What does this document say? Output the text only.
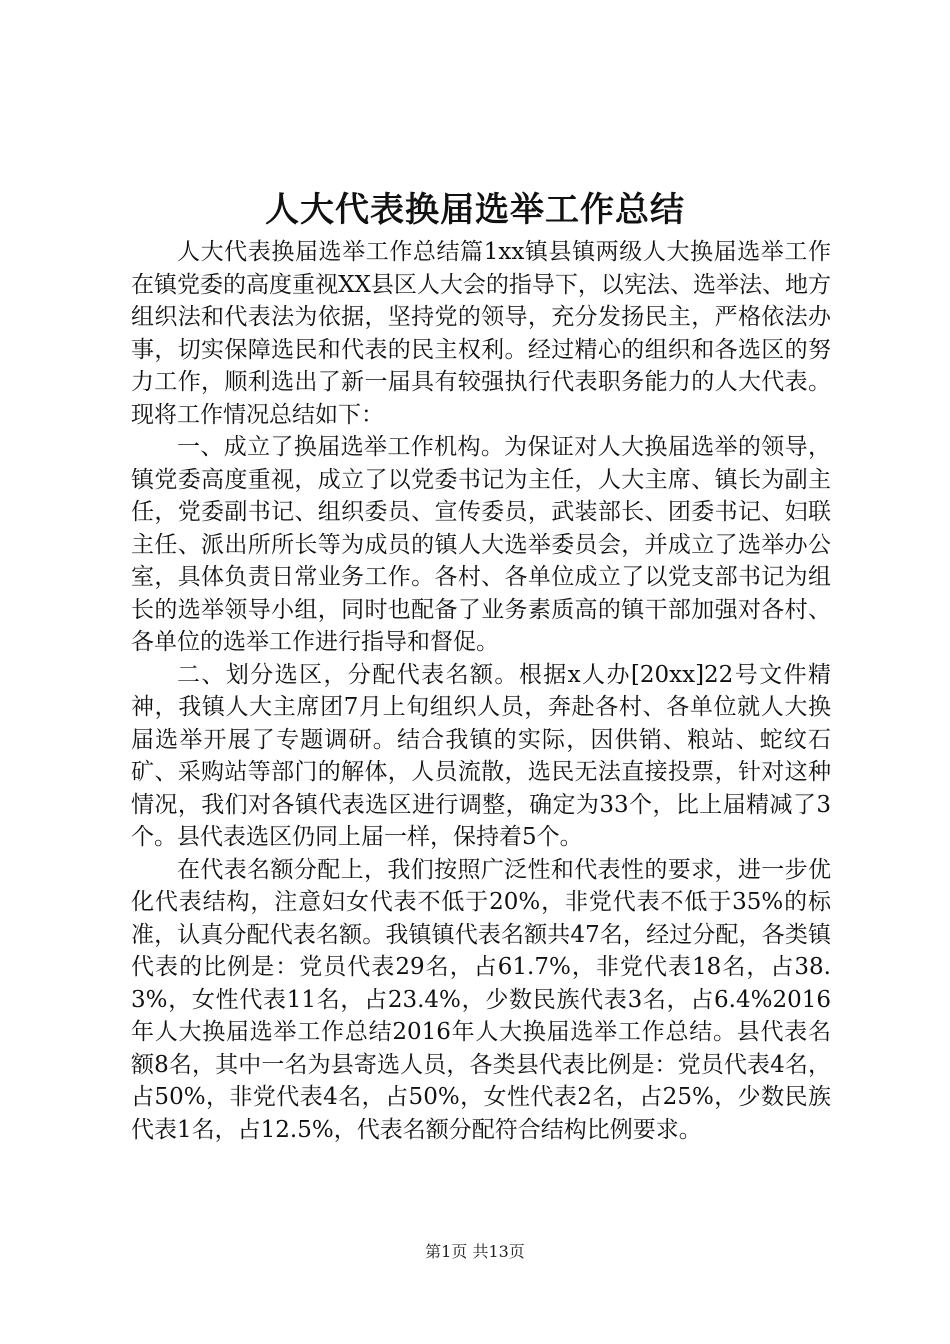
人大代表换届选举工作总结

人大代表换届选举工作总结篇1xx镇县镇两级人大换届选举工作在镇党委的高度重视XX县区人大会的指导下，以宪法、选举法、地方组织法和代表法为依据，坚持党的领导，充分发扬民主，严格依法办事，切实保障选民和代表的民主权利。经过精心的组织和各选区的努力工作，顺利选出了新一届具有较强执行代表职务能力的人大代表。现将工作情况总结如下：

一、成立了换届选举工作机构。为保证对人大换届选举的领导，镇党委高度重视，成立了以党委书记为主任，人大主席、镇长为副主任，党委副书记、组织委员、宣传委员，武装部长、团委书记、妇联主任、派出所所长等为成员的镇人大选举委员会，并成立了选举办公室，具体负责日常业务工作。各村、各单位成立了以党支部书记为组长的选举领导小组，同时也配备了业务素质高的镇干部加强对各村、各单位的选举工作进行指导和督促。

二、划分选区，分配代表名额。根据x人办[20xx]22号文件精神，我镇人大主席团7月上旬组织人员，奔赴各村、各单位就人大换届选举开展了专题调研。结合我镇的实际，因供销、粮站、蛇纹石矿、采购站等部门的解体，人员流散，选民无法直接投票，针对这种情况，我们对各镇代表选区进行调整，确定为33个，比上届精减了3个。县代表选区仍同上届一样，保持着5个。

在代表名额分配上，我们按照广泛性和代表性的要求，进一步优化代表结构，注意妇女代表不低于20%，非党代表不低于35%的标准，认真分配代表名额。我镇镇代表名额共47名，经过分配，各类镇代表的比例是：党员代表29名，占61.7%，非党代表18名，占38.3%，女性代表11名，占23.4%，少数民族代表3名，占6.4%2016年人大换届选举工作总结2016年人大换届选举工作总结。县代表名额8名，其中一名为县寄选人员，各类县代表比例是：党员代表4名，占50%，非党代表4名，占50%，女性代表2名，占25%，少数民族代表1名，占12.5%，代表名额分配符合结构比例要求。

第1页 共13页
